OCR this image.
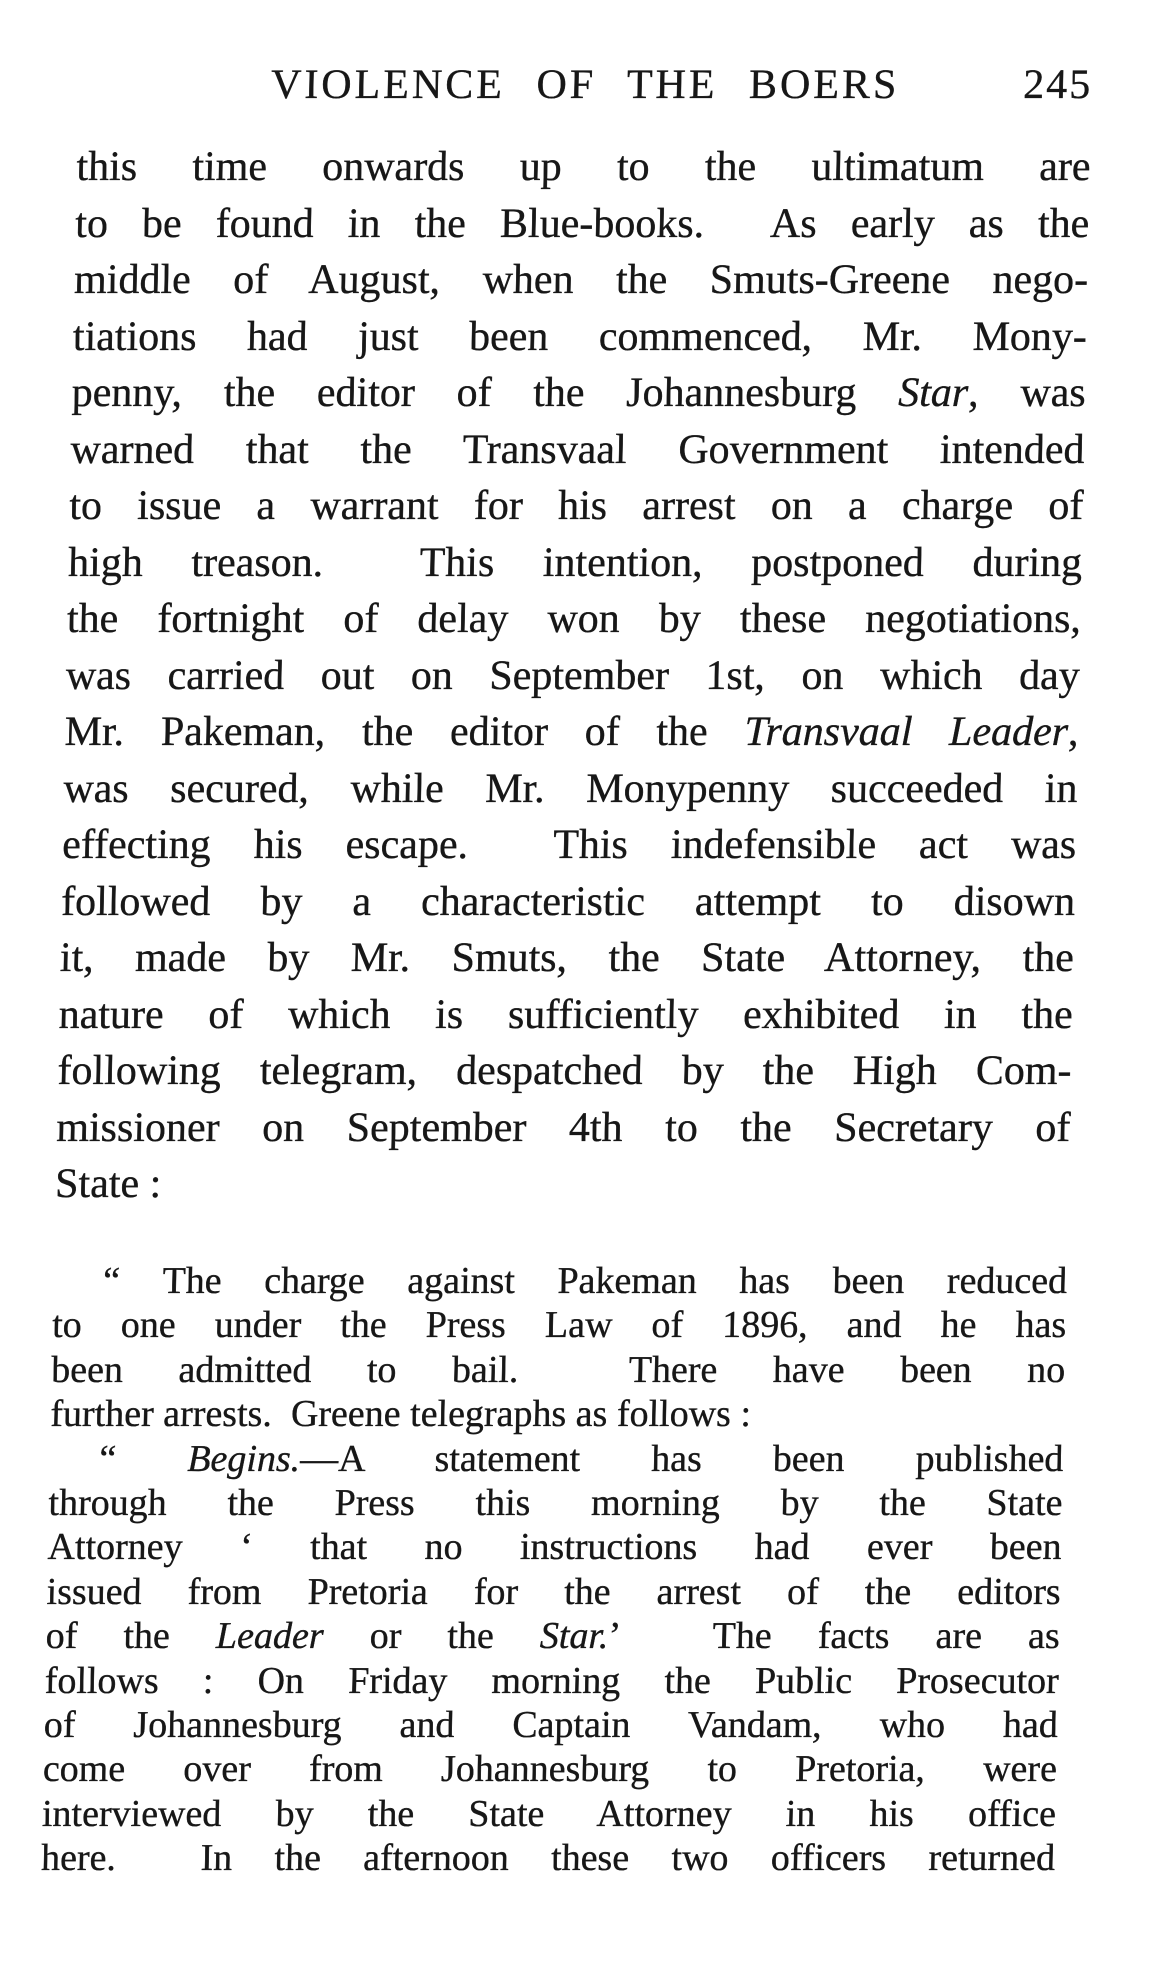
VIOLENCE OF THE BOERS	245
this time onwards up to the ultimatum are
to be found in the Blue-books.  As early as the
middle of August, when the Smuts-Greene nego-
tiations had just been commenced, Mr. Mony-
penny, the editor of the Johannesburg Star, was
warned that the Transvaal Government intended
to issue a warrant for his arrest on a charge of
high treason.  This intention, postponed during
the fortnight of delay won by these negotiations,
was carried out on September 1st, on which day
Mr. Pakeman, the editor of the Transvaal Leader,
was secured, while Mr. Monypenny succeeded in
effecting his escape.  This indefensible act was
followed by a characteristic attempt to disown
it, made by Mr. Smuts, the State Attorney, the
nature of which is sufficiently exhibited in the
following telegram, despatched by the High Com-
missioner on September 4th to the Secretary of
State :
“ The charge against Pakeman has been reduced
to one under the Press Law of 1896, and he has
been admitted to bail.  There have been no
further arrests.  Greene telegraphs as follows :
“ Begins.—A statement has been published
through the Press this morning by the State
Attorney ‘ that no instructions had ever been
issued from Pretoria for the arrest of the editors
of the Leader or the Star.’  The facts are as
follows : On Friday morning the Public Prosecutor
of Johannesburg and Captain Vandam, who had
come over from Johannesburg to Pretoria, were
interviewed by the State Attorney in his office
here.  In the afternoon these two officers returned
